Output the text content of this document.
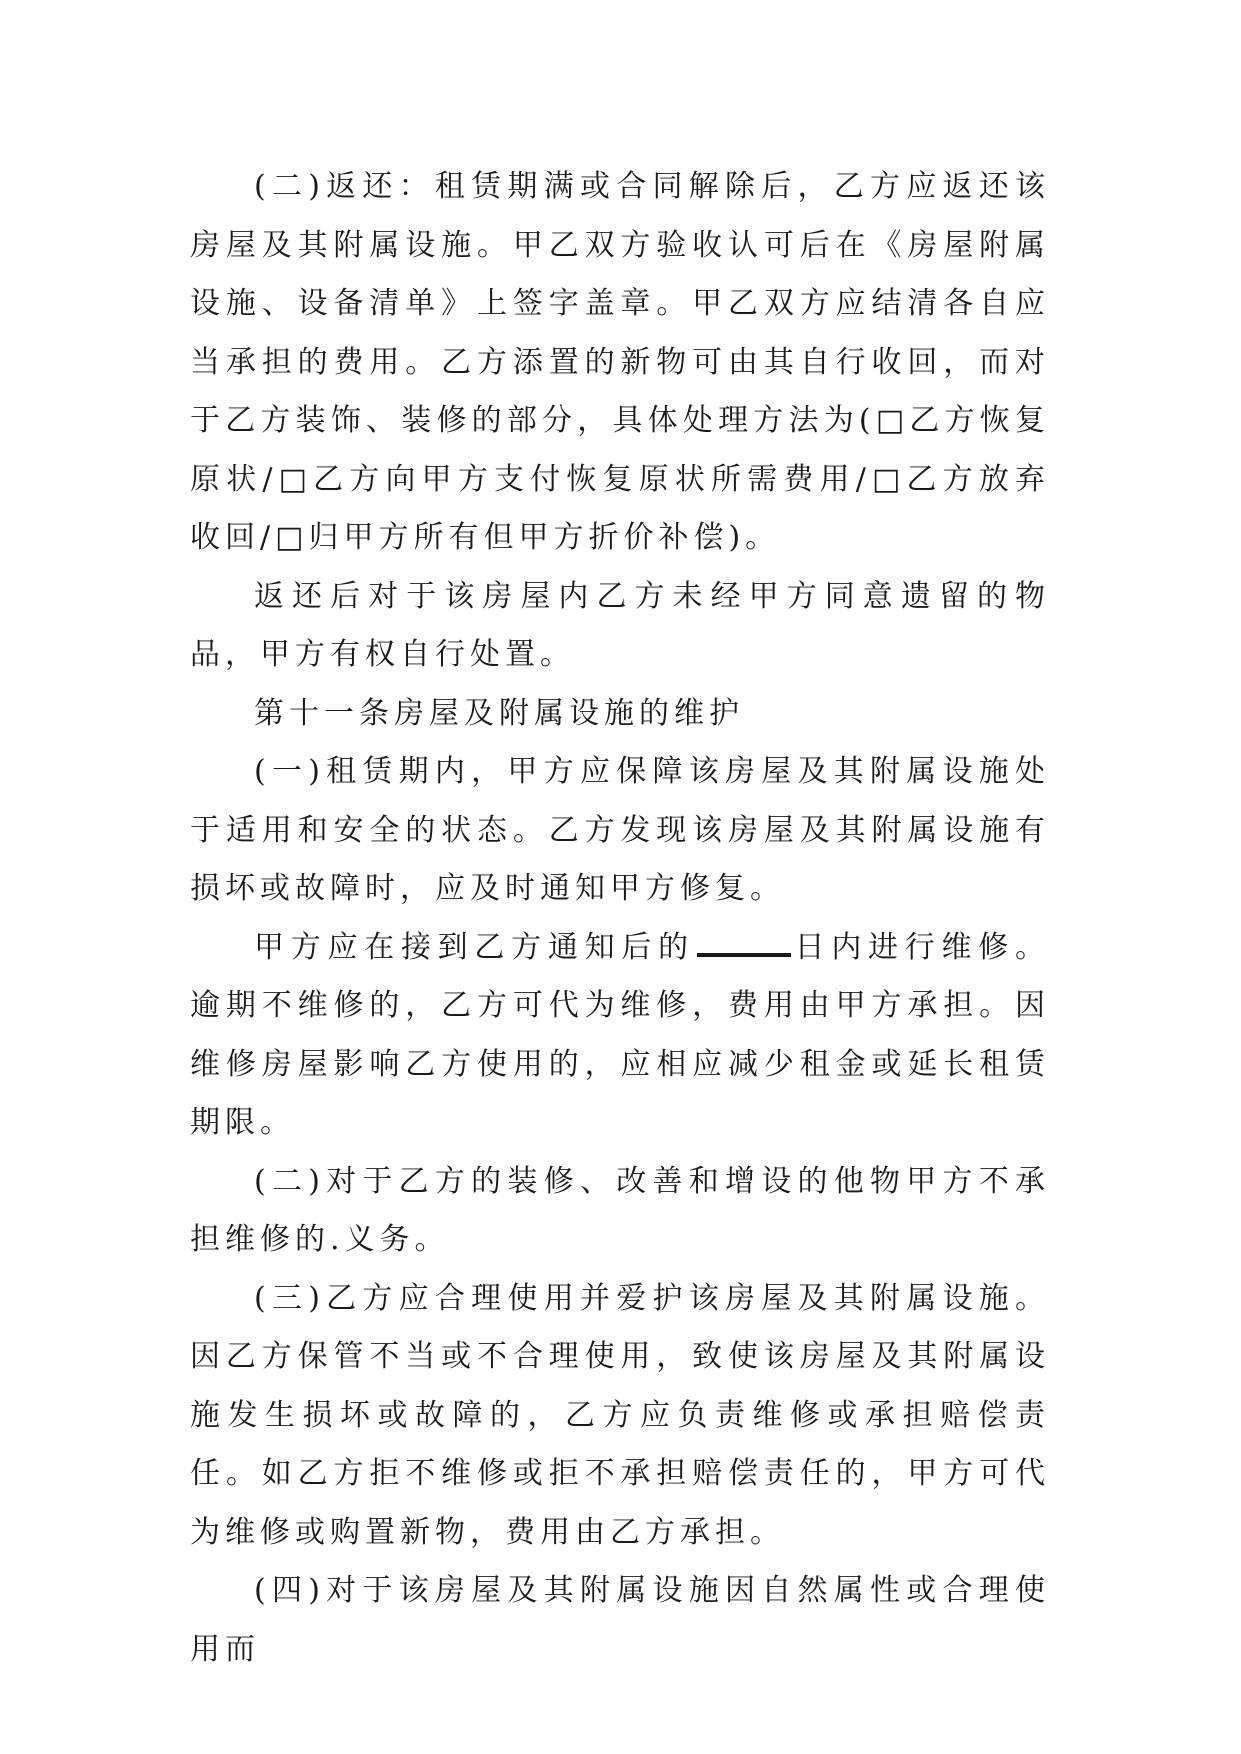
(二)返还：租赁期满或合同解除后，乙方应返还该房屋及其附属设施。甲乙双方验收认可后在《房屋附属设施、设备清单》上签字盖章。甲乙双方应结清各自应当承担的费用。乙方添置的新物可由其自行收回，而对于乙方装饰、装修的部分，具体处理方法为(□乙方恢复原状/□乙方向甲方支付恢复原状所需费用/□乙方放弃收回/□归甲方所有但甲方折价补偿)。

返还后对于该房屋内乙方未经甲方同意遗留的物品，甲方有权自行处置。

第十一条房屋及附属设施的维护

(一)租赁期内，甲方应保障该房屋及其附属设施处于适用和安全的状态。乙方发现该房屋及其附属设施有损坏或故障时，应及时通知甲方修复。

甲方应在接到乙方通知后的	日内进行维修。逾期不维修的，乙方可代为维修，费用由甲方承担。因维修房屋影响乙方使用的，应相应减少租金或延长租赁期限。

(二)对于乙方的装修、改善和增设的他物甲方不承担维修的.义务。

(三)乙方应合理使用并爱护该房屋及其附属设施。因乙方保管不当或不合理使用，致使该房屋及其附属设施发生损坏或故障的，乙方应负责维修或承担赔偿责任。如乙方拒不维修或拒不承担赔偿责任的，甲方可代为维修或购置新物，费用由乙方承担。

(四)对于该房屋及其附属设施因自然属性或合理使用而
